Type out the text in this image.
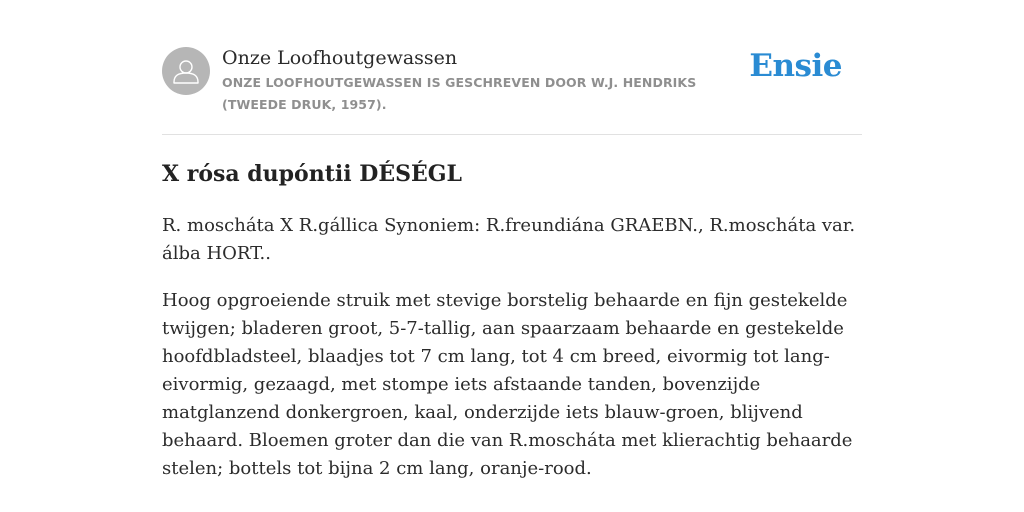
Onze Loofhoutgewassen
ONZE LOOFHOUTGEWASSEN IS GESCHREVEN DOOR W.J. HENDRIKS (TWEEDE DRUK, 1957).
Ensie
X rósa dupóntii DÉSÉGL

R. moscháta X R.gállica Synoniem: R.freundiána GRAEBN., R.moscháta var. álba HORT..

Hoog opgroeiende struik met stevige borstelig behaarde en fijn gestekelde twijgen; bladeren groot, 5-7-tallig, aan spaarzaam behaarde en gestekelde hoofdbladsteel, blaadjes tot 7 cm lang, tot 4 cm breed, eivormig tot lang-eivormig, gezaagd, met stompe iets afstaande tanden, bovenzijde matglanzend donkergroen, kaal, onderzijde iets blauw-groen, blijvend behaard. Bloemen groter dan die van R.moscháta met klierachtig behaarde stelen; bottels tot bijna 2 cm lang, oranje-rood.
